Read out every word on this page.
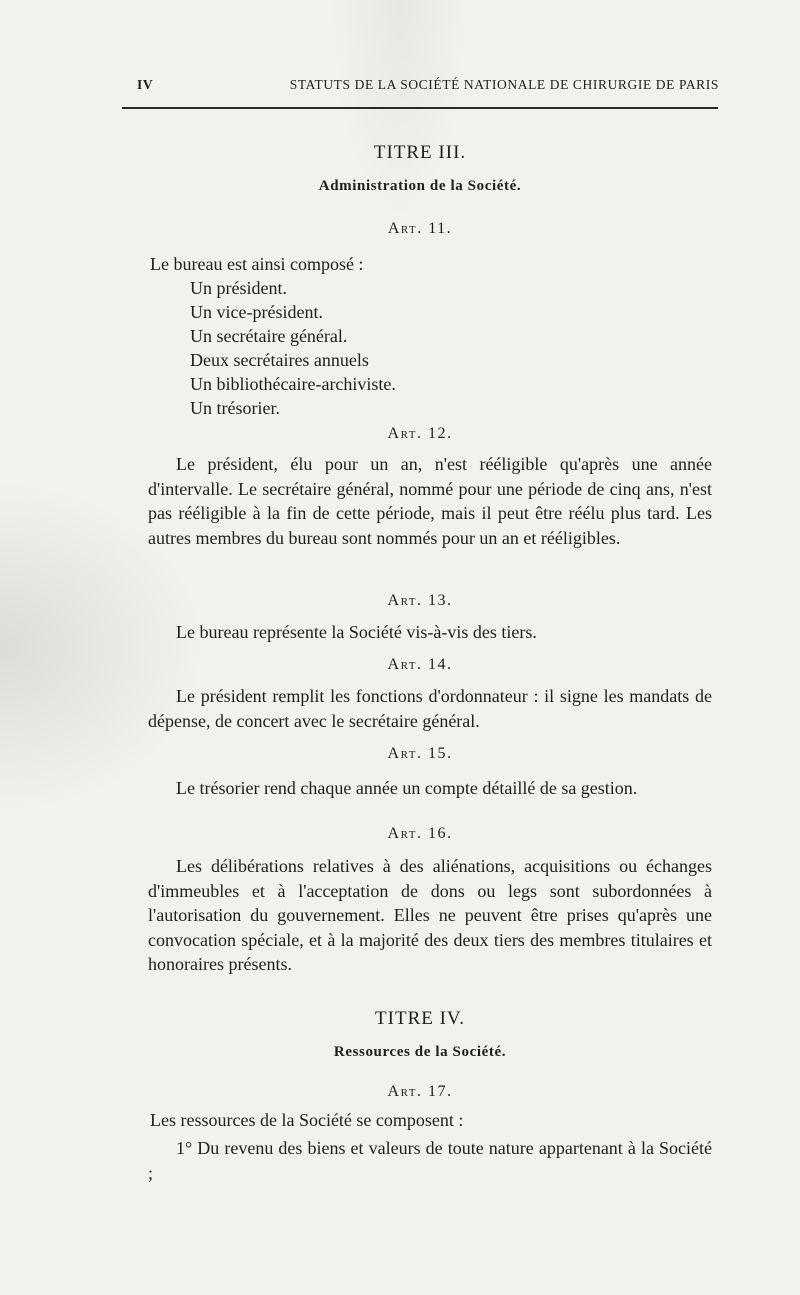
IV	STATUTS DE LA SOCIÉTÉ NATIONALE DE CHIRURGIE DE PARIS
TITRE III.
Administration de la Société.
Art. 11.
Le bureau est ainsi composé :
Un président.
Un vice-président.
Un secrétaire général.
Deux secrétaires annuels
Un bibliothécaire-archiviste.
Un trésorier.
Art. 12.
Le président, élu pour un an, n'est rééligible qu'après une année d'intervalle. Le secrétaire général, nommé pour une période de cinq ans, n'est pas rééligible à la fin de cette période, mais il peut être réélu plus tard. Les autres membres du bureau sont nommés pour un an et rééligibles.
Art. 13.
Le bureau représente la Société vis-à-vis des tiers.
Art. 14.
Le président remplit les fonctions d'ordonnateur : il signe les mandats de dépense, de concert avec le secrétaire général.
Art. 15.
Le trésorier rend chaque année un compte détaillé de sa gestion.
Art. 16.
Les délibérations relatives à des aliénations, acquisitions ou échanges d'immeubles et à l'acceptation de dons ou legs sont subordonnées à l'autorisation du gouvernement. Elles ne peuvent être prises qu'après une convocation spéciale, et à la majorité des deux tiers des membres titulaires et honoraires présents.
TITRE IV.
Ressources de la Société.
Art. 17.
Les ressources de la Société se composent :
1° Du revenu des biens et valeurs de toute nature appartenant à la Société ;
